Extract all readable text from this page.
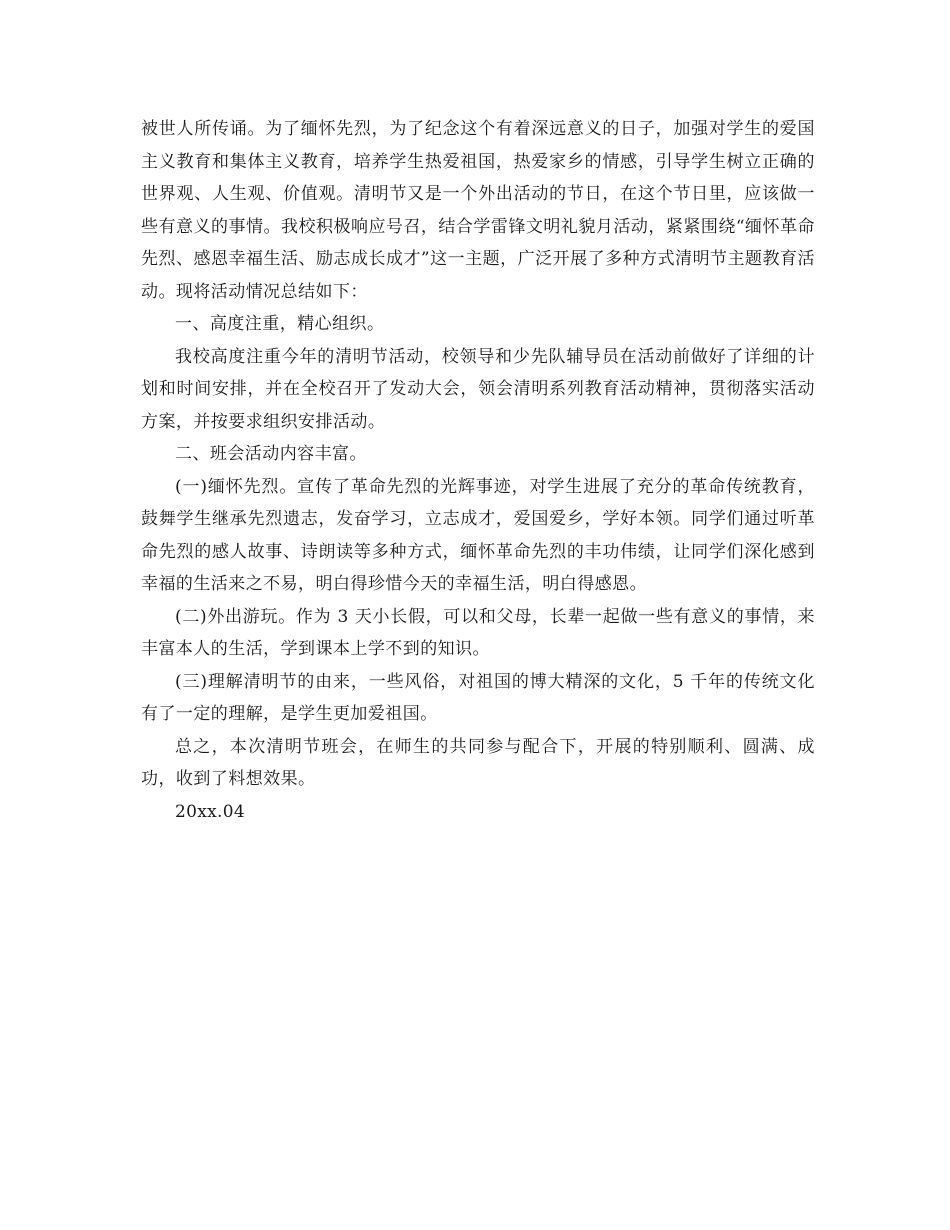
被世人所传诵。为了缅怀先烈，为了纪念这个有着深远意义的日子，加强对学生的爱国主义教育和集体主义教育，培养学生热爱祖国，热爱家乡的情感，引导学生树立正确的世界观、人生观、价值观。清明节又是一个外出活动的节日，在这个节日里，应该做一些有意义的事情。我校积极响应号召，结合学雷锋文明礼貌月活动，紧紧围绕“缅怀革命先烈、感恩幸福生活、励志成长成才”这一主题，广泛开展了多种方式清明节主题教育活动。现将活动情况总结如下：

一、高度注重，精心组织。

我校高度注重今年的清明节活动，校领导和少先队辅导员在活动前做好了详细的计划和时间安排，并在全校召开了发动大会，领会清明系列教育活动精神，贯彻落实活动方案，并按要求组织安排活动。

二、班会活动内容丰富。

(一)缅怀先烈。宣传了革命先烈的光辉事迹，对学生进展了充分的革命传统教育，鼓舞学生继承先烈遗志，发奋学习，立志成才，爱国爱乡，学好本领。同学们通过听革命先烈的感人故事、诗朗读等多种方式，缅怀革命先烈的丰功伟绩，让同学们深化感到幸福的生活来之不易，明白得珍惜今天的幸福生活，明白得感恩。

(二)外出游玩。作为 3 天小长假，可以和父母，长辈一起做一些有意义的事情，来丰富本人的生活，学到课本上学不到的知识。

(三)理解清明节的由来，一些风俗，对祖国的博大精深的文化，5 千年的传统文化有了一定的理解，是学生更加爱祖国。

总之，本次清明节班会，在师生的共同参与配合下，开展的特别顺利、圆满、成功，收到了料想效果。

20xx.04
